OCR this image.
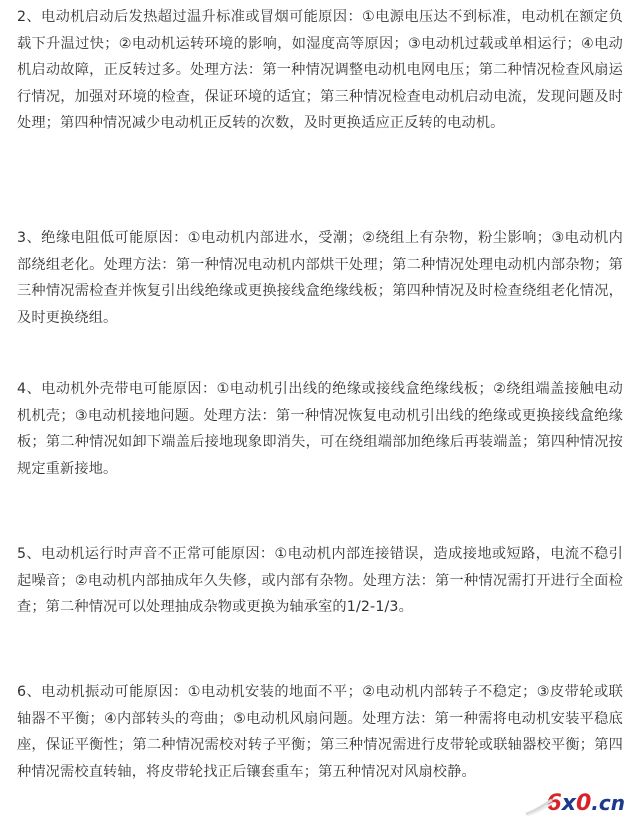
2、电动机启动后发热超过温升标准或冒烟可能原因：①电源电压达不到标准，电动机在额定负载下升温过快；②电动机运转环境的影响，如湿度高等原因；③电动机过载或单相运行；④电动机启动故障，正反转过多。处理方法：第一种情况调整电动机电网电压；第二种情况检查风扇运行情况，加强对环境的检查，保证环境的适宜；第三种情况检查电动机启动电流，发现问题及时处理；第四种情况减少电动机正反转的次数，及时更换适应正反转的电动机。

3、绝缘电阻低可能原因：①电动机内部进水，受潮；②绕组上有杂物，粉尘影响；③电动机内部绕组老化。处理方法：第一种情况电动机内部烘干处理；第二种情况处理电动机内部杂物；第三种情况需检查并恢复引出线绝缘或更换接线盒绝缘线板；第四种情况及时检查绕组老化情况，及时更换绕组。

4、电动机外壳带电可能原因：①电动机引出线的绝缘或接线盒绝缘线板；②绕组端盖接触电动机机壳；③电动机接地问题。处理方法：第一种情况恢复电动机引出线的绝缘或更换接线盒绝缘板；第二种情况如卸下端盖后接地现象即消失，可在绕组端部加绝缘后再装端盖；第四种情况按规定重新接地。

5、电动机运行时声音不正常可能原因：①电动机内部连接错误，造成接地或短路，电流不稳引起噪音；②电动机内部抽成年久失修，或内部有杂物。处理方法：第一种情况需打开进行全面检查；第二种情况可以处理抽成杂物或更换为轴承室的1/2-1/3。

6、电动机振动可能原因：①电动机安装的地面不平；②电动机内部转子不稳定；③皮带轮或联轴器不平衡；④内部转头的弯曲；⑤电动机风扇问题。处理方法：第一种需将电动机安装平稳底座，保证平衡性；第二种情况需校对转子平衡；第三种情况需进行皮带轮或联轴器校平衡；第四种情况需校直转轴，将皮带轮找正后镶套重车；第五种情况对风扇校静。

6 x 0 .cn
